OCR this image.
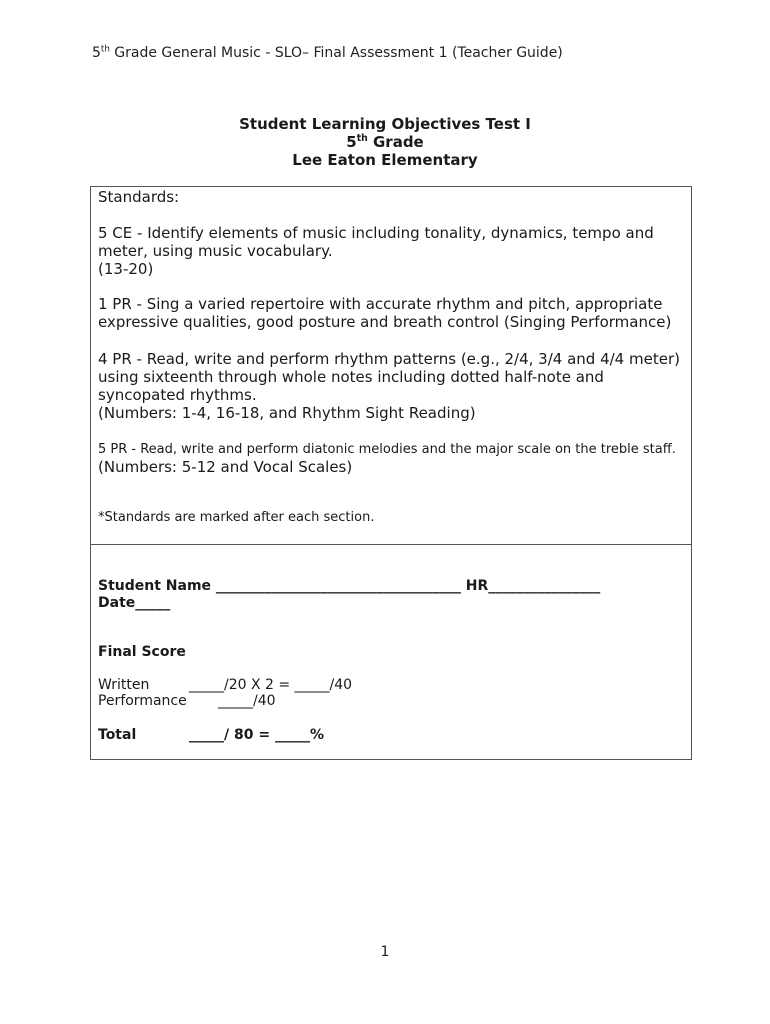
5th Grade General Music - SLO– Final Assessment 1 (Teacher Guide)
Student Learning Objectives Test I
5th Grade
Lee Eaton Elementary
Standards:
5 CE - Identify elements of music including tonality, dynamics, tempo and meter, using music vocabulary.
(13-20)
1 PR - Sing a varied repertoire with accurate rhythm and pitch, appropriate expressive qualities, good posture and breath control (Singing Performance)
4 PR - Read, write and perform rhythm patterns (e.g., 2/4, 3/4 and 4/4 meter) using sixteenth through whole notes including dotted half-note and syncopated rhythms.
(Numbers: 1-4, 16-18, and Rhythm Sight Reading)
5 PR - Read, write and perform diatonic melodies and the major scale on the treble staff.
(Numbers: 5-12 and Vocal Scales)
*Standards are marked after each section.
Student Name ___________________________________ HR________________
Date_____
Final Score
Written	_____/20 X 2 = _____/40
Performance _____/40
Total	_____/ 80 = _____%
1
